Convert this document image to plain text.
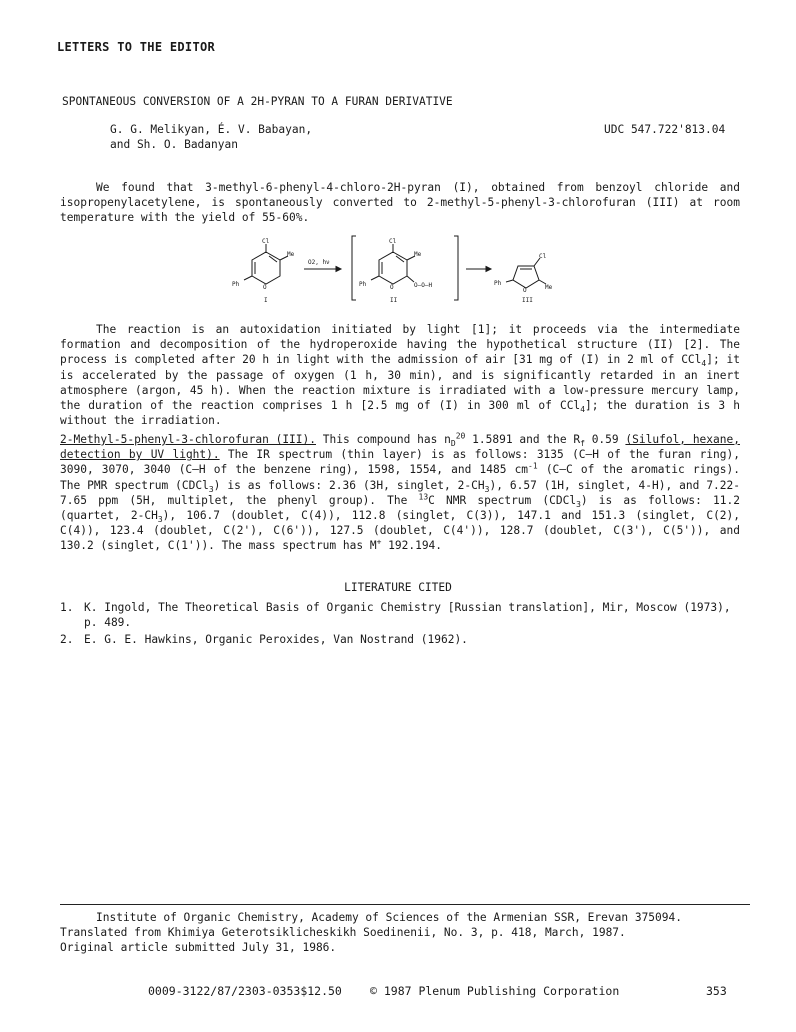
LETTERS TO THE EDITOR
SPONTANEOUS CONVERSION OF A 2H-PYRAN TO A FURAN DERIVATIVE
G. G. Melikyan, É. V. Babayan,
and Sh. O. Badanyan
UDC 547.722'813.04
We found that 3-methyl-6-phenyl-4-chloro-2H-pyran (I), obtained from benzoyl chloride and isopropenylacetylene, is spontaneously converted to 2-methyl-5-phenyl-3-chlorofuran (III) at room temperature with the yield of 55-60%.
Cl
Me
Ph	O
I
O2, hν
Cl
Me
Ph	O	O—O—H
II
Cl
Me
Ph
O
III
The reaction is an autoxidation initiated by light [1]; it proceeds via the intermediate formation and decomposition of the hydroperoxide having the hypothetical structure (II) [2]. The process is completed after 20 h in light with the admission of air [31 mg of (I) in 2 ml of CCl$_4$]; it is accelerated by the passage of oxygen (1 h, 30 min), and is significantly retarded in an inert atmosphere (argon, 45 h). When the reaction mixture is irradiated with a low-pressure mercury lamp, the duration of the reaction comprises 1 h [2.5 mg of (I) in 300 ml of CCl$_4$]; the duration is 3 h without the irradiation.
2-Methyl-5-phenyl-3-chlorofuran (III). This compound has $n_D^{20}$ 1.5891 and the $R_f$ 0.59 (Silufol, hexane, detection by UV light). The IR spectrum (thin layer) is as follows: 3135 (C–H of the furan ring), 3090, 3070, 3040 (C–H of the benzene ring), 1598, 1554, and 1485 $cm^{-1}$ (C–C of the aromatic rings). The PMR spectrum (CDCl$_3$) is as follows: 2.36 (3H, singlet, $2-CH_3$), 6.57 (1H, singlet, 4-H), and 7.22-7.65 ppm (5H, multiplet, the phenyl group). The $^{13}$C NMR spectrum (CDCl$_3$) is as follows: 11.2 (quartet, $2-CH_3$), 106.7 (doublet, C(4)), 112.8 (singlet, C(3)), 147.1 and 151.3 (singlet, C(2), C(4)), 123.4 (doublet, C(2'), C(6')), 127.5 (doublet, C(4')), 128.7 (doublet, C(3'), C(5')), and 130.2 (singlet, C(1')). The mass spectrum has M+ 192.194.
LITERATURE CITED
1. K. Ingold, The Theoretical Basis of Organic Chemistry [Russian translation], Mir, Moscow (1973), p. 489.
2. E. G. E. Hawkins, Organic Peroxides, Van Nostrand (1962).
Institute of Organic Chemistry, Academy of Sciences of the Armenian SSR, Erevan 375094.
Translated from Khimiya Geterotsiklicheskikh Soedinenii, No. 3, p. 418, March, 1987.
Original article submitted July 31, 1986.
0009-3122/87/2303-0353$12.50 © 1987 Plenum Publishing Corporation	353
